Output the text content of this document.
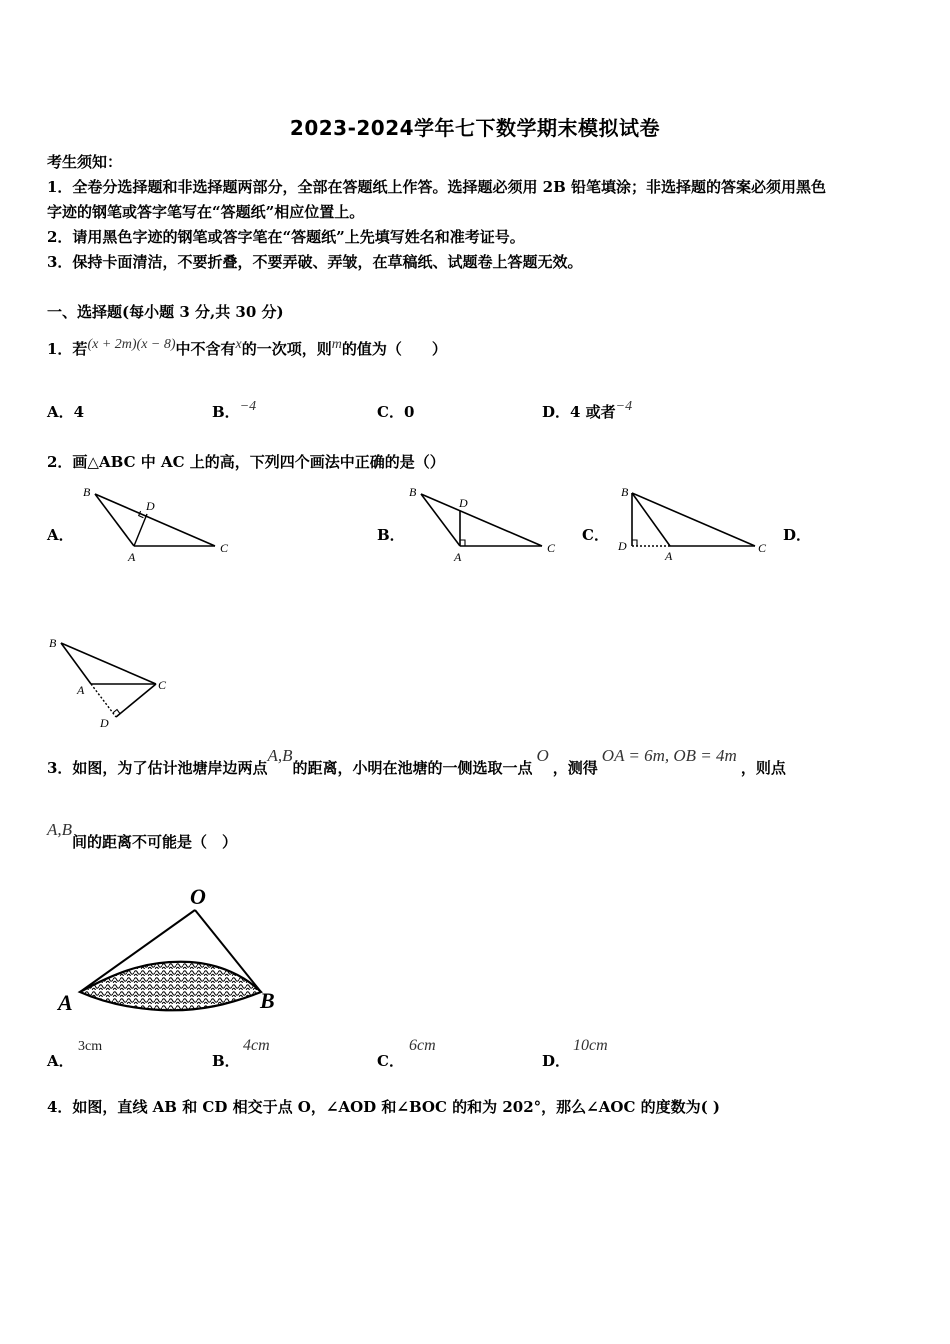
2023-2024学年七下数学期末模拟试卷
考生须知：
1．全卷分选择题和非选择题两部分，全部在答题纸上作答。选择题必须用 2B 铅笔填涂；非选择题的答案必须用黑色
字迹的钢笔或答字笔写在“答题纸”相应位置上。
2．请用黑色字迹的钢笔或答字笔在“答题纸”上先填写姓名和准考证号。
3．保持卡面清洁，不要折叠，不要弄破、弄皱，在草稿纸、试题卷上答题无效。
一、选择题(每小题 3 分,共 30 分)
1．若(x + 2m)(x − 8)中不含有x的一次项，则m的值为（　　）
A．4	B．−4	C．0	D．4 或者−4
2．画△ABC 中 AC 上的高，下列四个画法中正确的是（）
A．	B．	C．	D．
B
D
A
C
B
D
A
C
B
D
A
C
B
A	C
D
3．如图，为了估计池塘岸边两点A,B的距离，小明在池塘的一侧选取一点O，测得OA = 6m, OB = 4m，则点
A,B间的距离不可能是（　）
O
A	B
A．
3cm
B．
4cm
C．
6cm
D．
10cm
4．如图，直线 AB 和 CD 相交于点 O，∠AOD 和∠BOC 的和为 202°，那么∠AOC 的度数为( )
